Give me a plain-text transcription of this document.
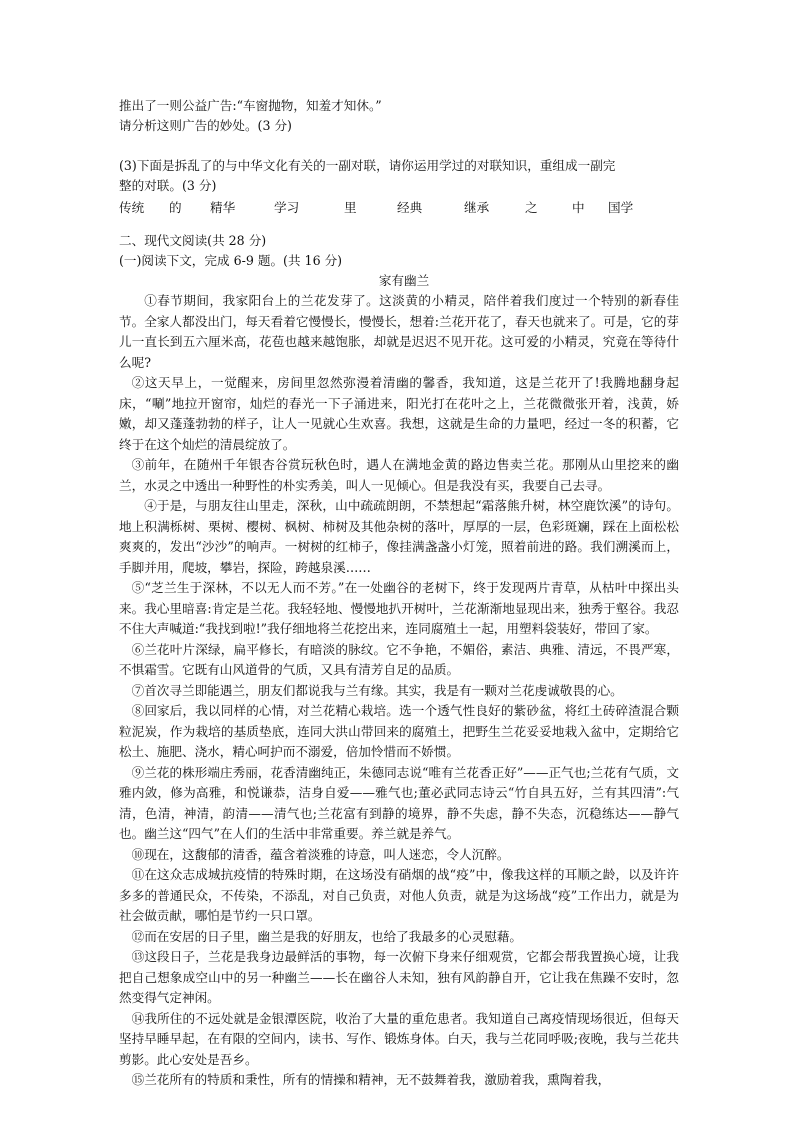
推出了一则公益广告:“车窗抛物，知羞才知休。”
请分析这则广告的妙处。(3 分)
(3)下面是拆乱了的与中华文化有关的一副对联，请你运用学过的对联知识，重组成一副完
整的对联。(3 分)
传统	的	精华	学习	里	经典	继承	之	中	国学
二、现代文阅读(共 28 分)
(一)阅读下文，完成 6-9 题。(共 16 分)
家有幽兰
①春节期间，我家阳台上的兰花发芽了。这淡黄的小精灵，陪伴着我们度过一个特别的新春佳节。全家人都没出门，每天看着它慢慢长，慢慢长，想着:兰花开花了，春天也就来了。可是，它的芽儿一直长到五六厘米高，花苞也越来越饱胀，却就是迟迟不见开花。这可爱的小精灵，究竟在等待什么呢?
②这天早上，一觉醒来，房间里忽然弥漫着清幽的馨香，我知道，这是兰花开了!我腾地翻身起床，“唰”地拉开窗帘，灿烂的春光一下子涌进来，阳光打在花叶之上，兰花微微张开着，浅黄，娇嫩，却又蓬蓬勃勃的样子，让人一见就心生欢喜。我想，这就是生命的力量吧，经过一冬的积蓄，它终于在这个灿烂的清晨绽放了。
③前年，在随州千年银杏谷赏玩秋色时，遇人在满地金黄的路边售卖兰花。那刚从山里挖来的幽兰，水灵之中透出一种野性的朴实秀美，叫人一见倾心。但是我没有买，我要自己去寻。
④于是，与朋友往山里走，深秋，山中疏疏朗朗，不禁想起“霜落熊升树，林空鹿饮溪”的诗句。地上积满栎树、栗树、樱树、枫树、柿树及其他杂树的落叶，厚厚的一层，色彩斑斓，踩在上面松松爽爽的，发出“沙沙”的响声。一树树的红柿子，像挂满盏盏小灯笼，照着前进的路。我们溯溪而上，手脚并用，爬坡，攀岩，探险，跨越泉溪……
⑤“芝兰生于深林，不以无人而不芳。”在一处幽谷的老树下，终于发现两片青草，从枯叶中探出头来。我心里暗喜:肯定是兰花。我轻轻地、慢慢地扒开树叶，兰花渐渐地显现出来，独秀于壑谷。我忍不住大声喊道:“我找到啦!”我仔细地将兰花挖出来，连同腐殖土一起，用塑料袋装好，带回了家。
⑥兰花叶片深绿，扁平修长，有暗淡的脉纹。它不争艳，不媚俗，素洁、典雅、清远，不畏严寒，不惧霜雪。它既有山风道骨的气质，又具有清芳自足的品质。
⑦首次寻兰即能遇兰，朋友们都说我与兰有缘。其实，我是有一颗对兰花虔诚敬畏的心。
⑧回家后，我以同样的心情，对兰花精心栽培。选一个透气性良好的紫砂盆，将红土砖碎渣混合颗粒泥炭，作为栽培的基质垫底，连同大洪山带回来的腐殖土，把野生兰花妥妥地栽入盆中，定期给它松土、施肥、浇水，精心呵护而不溺爱，倍加怜惜而不娇惯。
⑨兰花的株形端庄秀丽，花香清幽纯正，朱德同志说“唯有兰花香正好”——正气也;兰花有气质，文雅内敛，修为高雅，和悦谦恭，洁身自爱——雅气也;董必武同志诗云“竹自具五好，兰有其四清”:气清，色清，神清，韵清——清气也;兰花富有到静的境界，静不失虑，静不失态，沉稳练达——静气也。幽兰这“四气”在人们的生活中非常重要。养兰就是养气。
⑩现在，这馥郁的清香，蕴含着淡雅的诗意，叫人迷恋，令人沉醉。
⑪在这众志成城抗疫情的特殊时期，在这场没有硝烟的战“疫”中，像我这样的耳顺之龄，以及许许多多的普通民众，不传染，不添乱，对自己负责，对他人负责，就是为这场战“疫”工作出力，就是为社会做贡献，哪怕是节约一只口罩。
⑫而在安居的日子里，幽兰是我的好朋友，也给了我最多的心灵慰藉。
⑬这段日子，兰花是我身边最鲜活的事物，每一次俯下身来仔细观赏，它都会帮我置换心境，让我把自己想象成空山中的另一种幽兰——长在幽谷人未知，独有风韵静自开，它让我在焦躁不安时，忽然变得气定神闲。
⑭我所住的不远处就是金银潭医院，收治了大量的重危患者。我知道自己离疫情现场很近，但每天坚持早睡早起，在有限的空间内，读书、写作、锻炼身体。白天，我与兰花同呼吸;夜晚，我与兰花共剪影。此心安处是吾乡。
⑮兰花所有的特质和秉性，所有的情操和精神，无不鼓舞着我，激励着我，熏陶着我，
